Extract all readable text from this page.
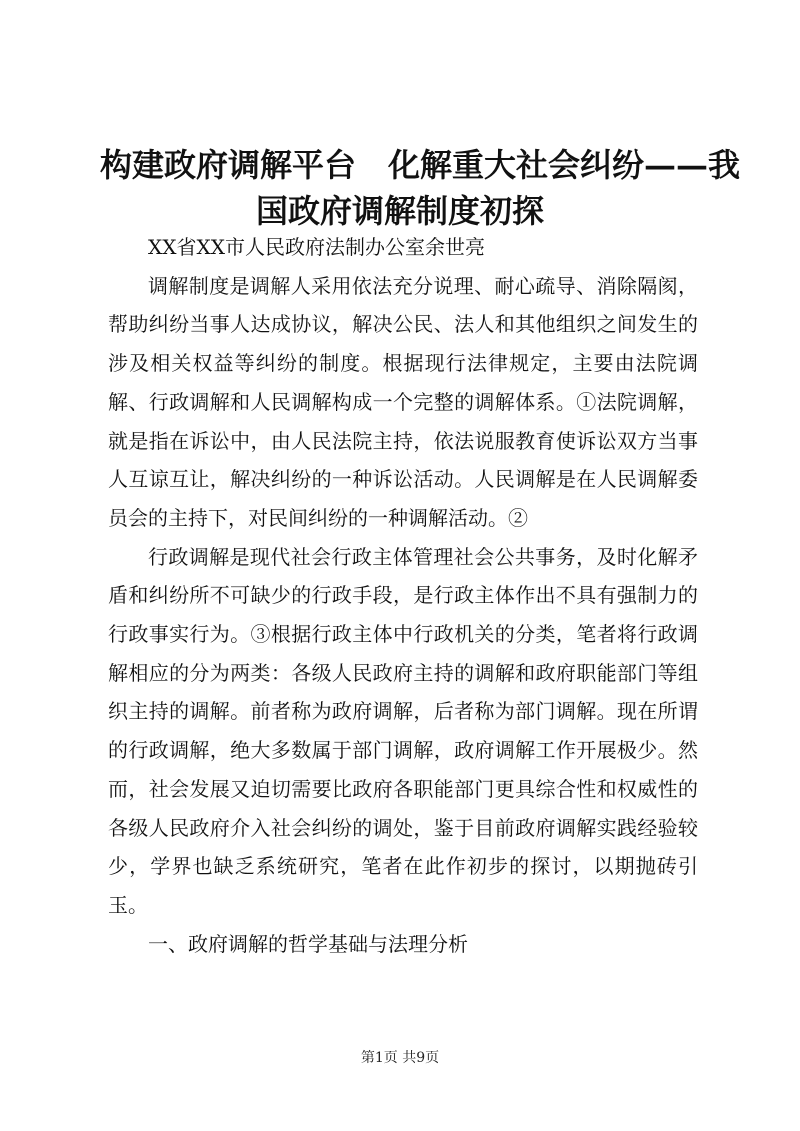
构建政府调解平台　化解重大社会纠纷——我
国政府调解制度初探

XX省XX市人民政府法制办公室余世亮

调解制度是调解人采用依法充分说理、耐心疏导、消除隔阂，帮助纠纷当事人达成协议，解决公民、法人和其他组织之间发生的涉及相关权益等纠纷的制度。根据现行法律规定，主要由法院调解、行政调解和人民调解构成一个完整的调解体系。①法院调解，就是指在诉讼中，由人民法院主持，依法说服教育使诉讼双方当事人互谅互让，解决纠纷的一种诉讼活动。人民调解是在人民调解委员会的主持下，对民间纠纷的一种调解活动。②

行政调解是现代社会行政主体管理社会公共事务，及时化解矛盾和纠纷所不可缺少的行政手段，是行政主体作出不具有强制力的行政事实行为。③根据行政主体中行政机关的分类，笔者将行政调解相应的分为两类：各级人民政府主持的调解和政府职能部门等组织主持的调解。前者称为政府调解，后者称为部门调解。现在所谓的行政调解，绝大多数属于部门调解，政府调解工作开展极少。然而，社会发展又迫切需要比政府各职能部门更具综合性和权威性的各级人民政府介入社会纠纷的调处，鉴于目前政府调解实践经验较少，学界也缺乏系统研究，笔者在此作初步的探讨，以期抛砖引玉。

一、政府调解的哲学基础与法理分析

第1页 共9页
